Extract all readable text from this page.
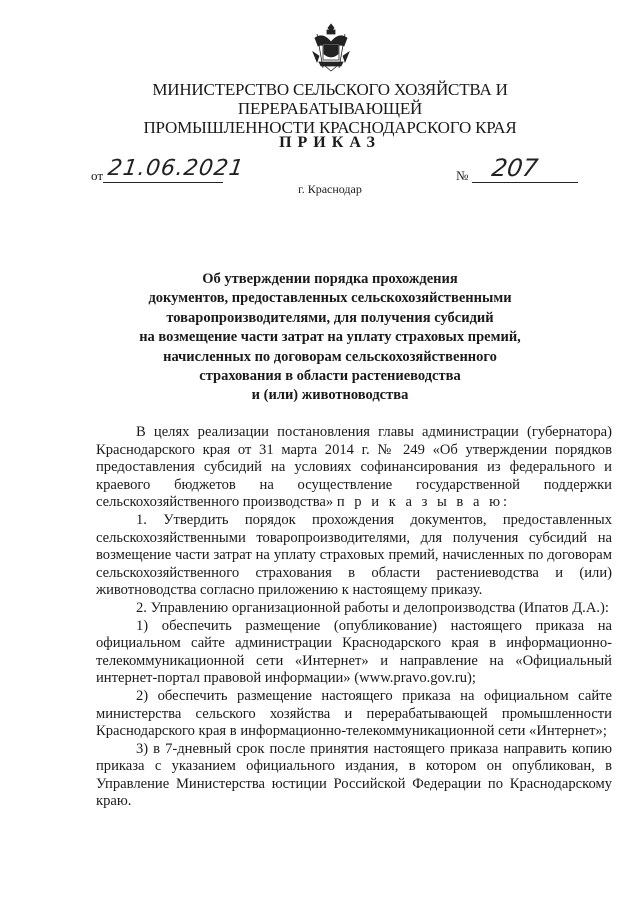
МИНИСТЕРСТВО СЕЛЬСКОГО ХОЗЯЙСТВА И ПЕРЕРАБАТЫВАЮЩЕЙ
ПРОМЫШЛЕННОСТИ КРАСНОДАРСКОГО КРАЯ
ПРИКАЗ
от 21.06.2021	№ 207
г. Краснодар
Об утверждении порядка прохождения
документов, предоставленных сельскохозяйственными
товаропроизводителями, для получения субсидий
на возмещение части затрат на уплату страховых премий,
начисленных по договорам сельскохозяйственного
страхования в области растениеводства
и (или) животноводства

В целях реализации постановления главы администрации (губернатора) Краснодарского края от 31 марта 2014 г. № 249 «Об утверждении порядков предоставления субсидий на условиях софинансирования из федерального и краевого бюджетов на осуществление государственной поддержки сельскохозяйственного производства» п р и к а з ы в а ю:

1. Утвердить порядок прохождения документов, предоставленных сельскохозяйственными товаропроизводителями, для получения субсидий на возмещение части затрат на уплату страховых премий, начисленных по договорам сельскохозяйственного страхования в области растениеводства и (или) животноводства согласно приложению к настоящему приказу.

2. Управлению организационной работы и делопроизводства (Ипатов Д.А.):

1) обеспечить размещение (опубликование) настоящего приказа на официальном сайте администрации Краснодарского края в информационно-телекоммуникационной сети «Интернет» и направление на «Официальный интернет-портал правовой информации» (www.pravo.gov.ru);

2) обеспечить размещение настоящего приказа на официальном сайте министерства сельского хозяйства и перерабатывающей промышленности Краснодарского края в информационно-телекоммуникационной сети «Интернет»;

3) в 7-дневный срок после принятия настоящего приказа направить копию приказа с указанием официального издания, в котором он опубликован, в Управление Министерства юстиции Российской Федерации по Краснодарскому краю.
